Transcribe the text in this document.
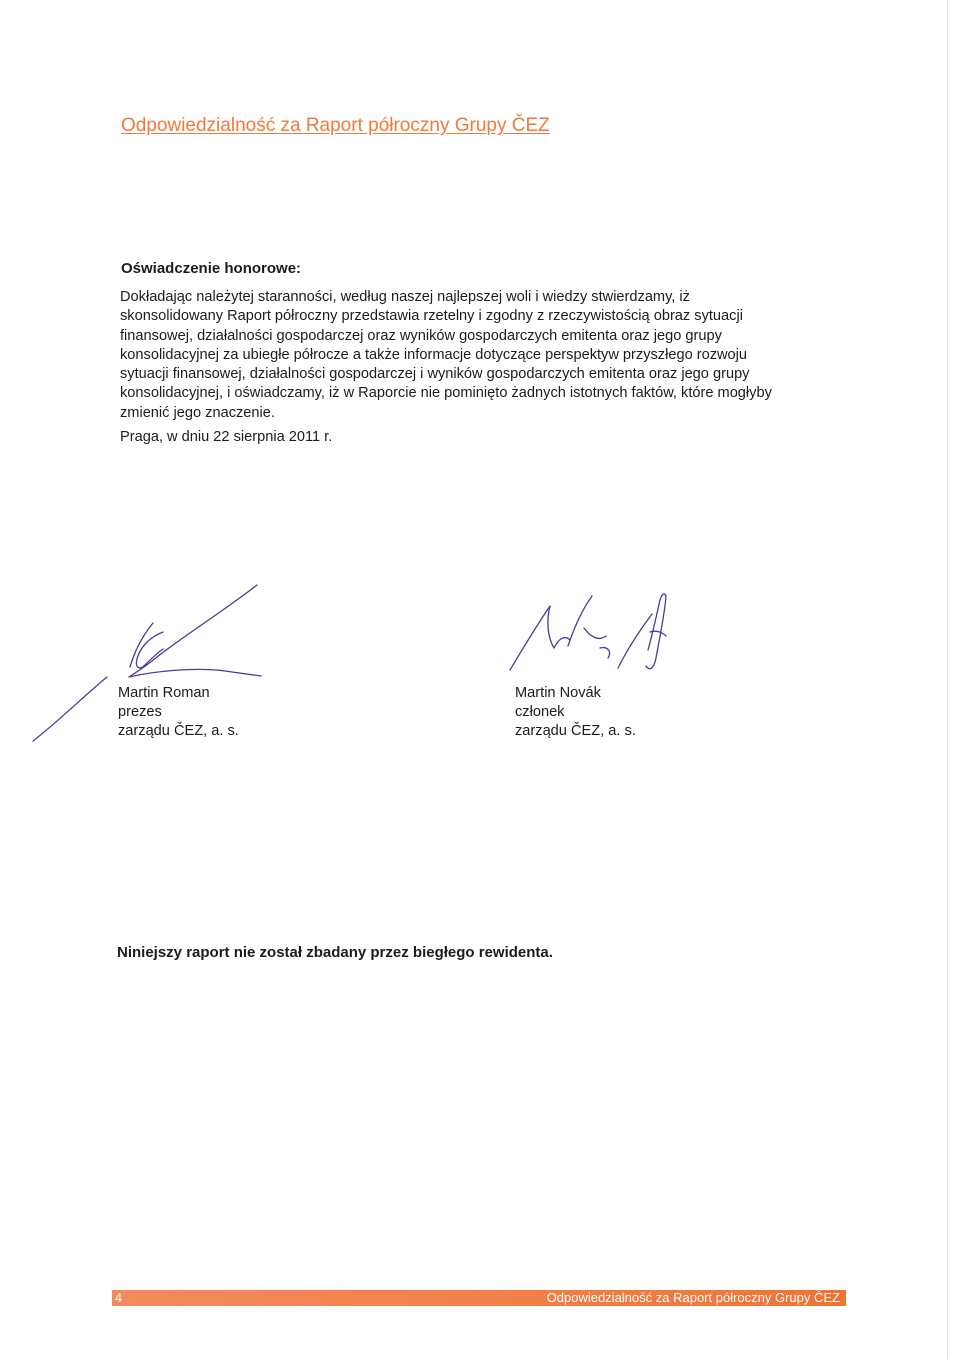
Odpowiedzialność za Raport półroczny Grupy ČEZ
Oświadczenie honorowe:
Dokładając należytej staranności, według naszej najlepszej woli i wiedzy stwierdzamy, iż
skonsolidowany Raport półroczny przedstawia rzetelny i zgodny z rzeczywistością obraz sytuacji
finansowej, działalności gospodarczej oraz wyników gospodarczych emitenta oraz jego grupy
konsolidacyjnej za ubiegłe półrocze a także informacje dotyczące perspektyw przyszłego rozwoju
sytuacji finansowej, działalności gospodarczej i wyników gospodarczych emitenta oraz jego grupy
konsolidacyjnej, i oświadczamy, iż w Raporcie nie pominięto żadnych istotnych faktów, które mogłyby
zmienić jego znaczenie.
Praga, w dniu 22 sierpnia 2011 r.
Martin Roman
prezes
zarządu ČEZ, a. s.
Martin Novák
członek
zarządu ČEZ, a. s.
Niniejszy raport nie został zbadany przez biegłego rewidenta.
4	Odpowiedzialność za Raport półroczny Grupy ČEZ
